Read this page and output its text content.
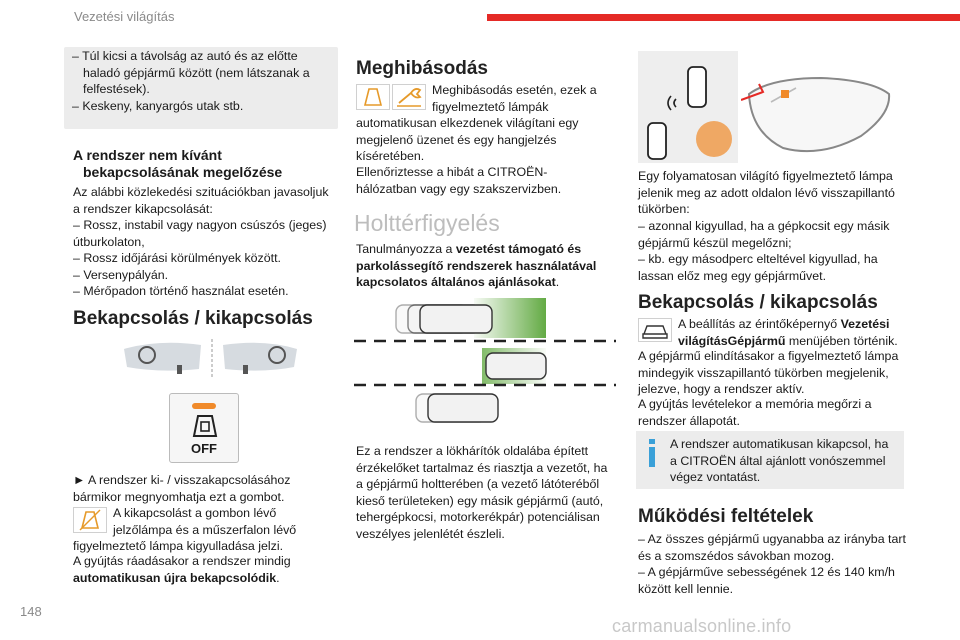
Vezetési világítás
– Túl kicsi a távolság az autó és az előtte
haladó gépjármű között (nem látszanak a
felfestések).
– Keskeny, kanyargós utak stb.
A rendszer nem kívánt
bekapcsolásának megelőzése
Az alábbi közlekedési szituációkban javasoljuk a rendszer kikapcsolását:
– Rossz, instabil vagy nagyon csúszós (jeges) útburkolaton,
– Rossz időjárási körülmények között.
– Versenypályán.
– Mérőpadon történő használat esetén.
Bekapcsolás / kikapcsolás
OFF
► A rendszer ki- / visszakapcsolásához bármikor megnyomhatja ezt a gombot.
A kikapcsolást a gombon lévő jelzőlámpa és a műszerfalon lévő figyelmeztető lámpa kigyulladása jelzi.
A gyújtás ráadásakor a rendszer mindig automatikusan újra bekapcsolódik.
Meghibásodás
Meghibásodás esetén, ezek a figyelmeztető lámpák automatikusan elkezdenek világítani egy megjelenő üzenet és egy hangjelzés kíséretében.
Ellenőriztesse a hibát a CITROËN-hálózatban vagy egy szakszervizben.
Holttérfigyelés
Tanulmányozza a vezetést támogató és parkolássegítő rendszerek használatával kapcsolatos általános ajánlásokat.
Ez a rendszer a lökhárítók oldalába épített érzékelőket tartalmaz és riasztja a vezetőt, ha a gépjármű holtterében (a vezető látóteréből kieső területeken) egy másik gépjármű (autó, tehergépkocsi, motorkerékpár) potenciálisan veszélyes jelenlétét észleli.
Egy folyamatosan világító figyelmeztető lámpa jelenik meg az adott oldalon lévő visszapillantó tükörben:
– azonnal kigyullad, ha a gépkocsit egy másik gépjármű készül megelőzni;
– kb. egy másodperc elteltével kigyullad, ha lassan előz meg egy gépjárművet.
Bekapcsolás / kikapcsolás
A beállítás az érintőképernyő Vezetési világításGépjármű menüjében történik.
A gépjármű elindításakor a figyelmeztető lámpa mindegyik visszapillantó tükörben megjelenik, jelezve, hogy a rendszer aktív.
A gyújtás levételekor a memória megőrzi a rendszer állapotát.
A rendszer automatikusan kikapcsol, ha a CITROËN által ajánlott vonószemmel végez vontatást.
Működési feltételek
– Az összes gépjármű ugyanabba az irányba tart és a szomszédos sávokban mozog.
– A gépjárműve sebességének 12 és 140 km/h között kell lennie.
148
carmanualsonline.info
